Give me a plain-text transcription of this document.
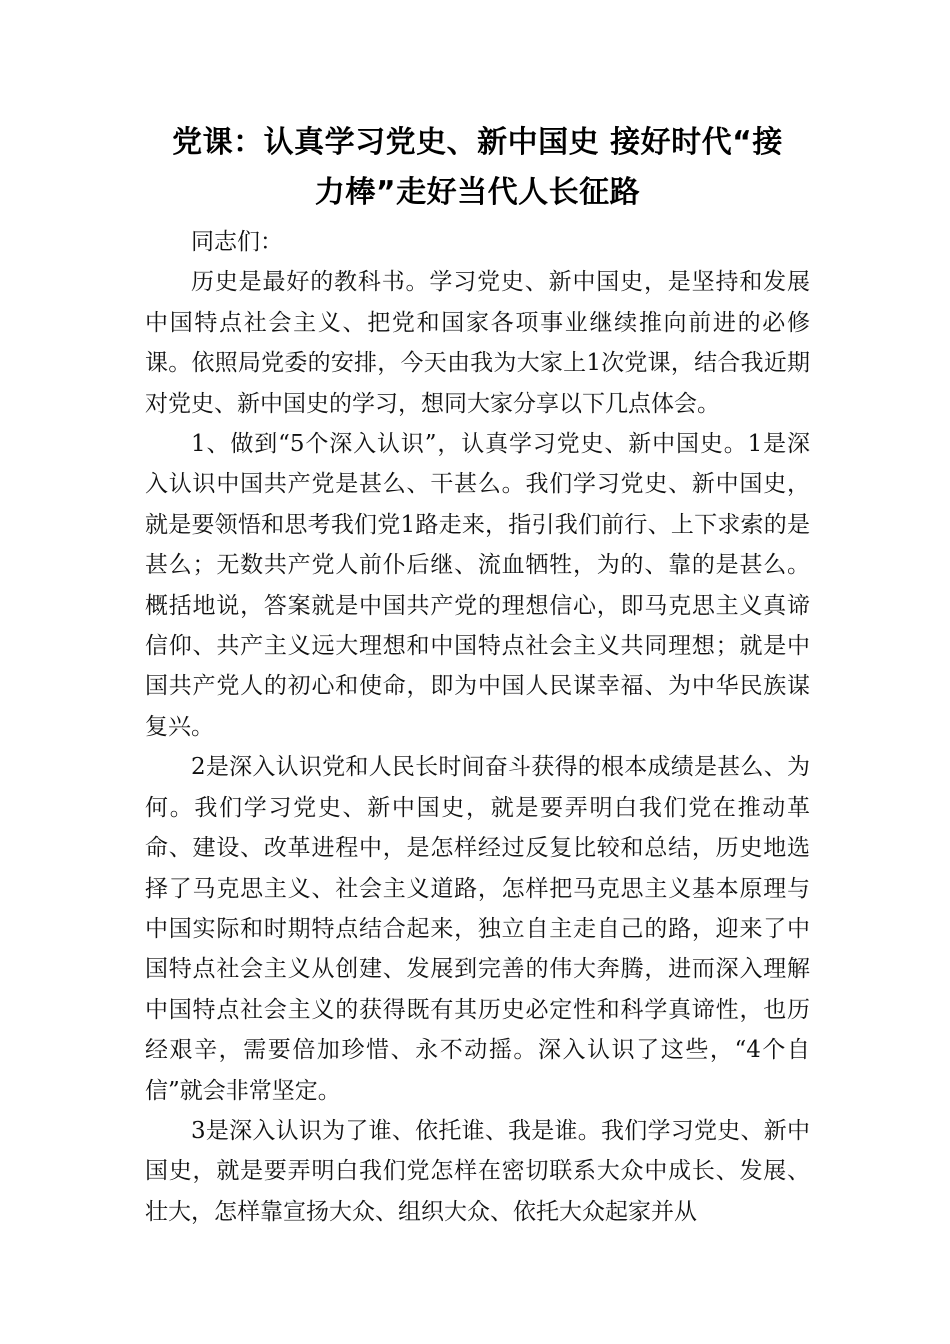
党课：认真学习党史、新中国史 接好时代“接
力棒”走好当代人长征路

同志们：

历史是最好的教科书。学习党史、新中国史，是坚持和发展中国特点社会主义、把党和国家各项事业继续推向前进的必修课。依照局党委的安排，今天由我为大家上1次党课，结合我近期对党史、新中国史的学习，想同大家分享以下几点体会。

1、做到“5个深入认识”，认真学习党史、新中国史。1是深入认识中国共产党是甚么、干甚么。我们学习党史、新中国史，就是要领悟和思考我们党1路走来，指引我们前行、上下求索的是甚么；无数共产党人前仆后继、流血牺牲，为的、靠的是甚么。概括地说，答案就是中国共产党的理想信心，即马克思主义真谛信仰、共产主义远大理想和中国特点社会主义共同理想；就是中国共产党人的初心和使命，即为中国人民谋幸福、为中华民族谋复兴。

2是深入认识党和人民长时间奋斗获得的根本成绩是甚么、为何。我们学习党史、新中国史，就是要弄明白我们党在推动革命、建设、改革进程中，是怎样经过反复比较和总结，历史地选择了马克思主义、社会主义道路，怎样把马克思主义基本原理与中国实际和时期特点结合起来，独立自主走自己的路，迎来了中国特点社会主义从创建、发展到完善的伟大奔腾，进而深入理解中国特点社会主义的获得既有其历史必定性和科学真谛性，也历经艰辛，需要倍加珍惜、永不动摇。深入认识了这些，“4个自信”就会非常坚定。

3是深入认识为了谁、依托谁、我是谁。我们学习党史、新中国史，就是要弄明白我们党怎样在密切联系大众中成长、发展、壮大，怎样靠宣扬大众、组织大众、依托大众起家并从
